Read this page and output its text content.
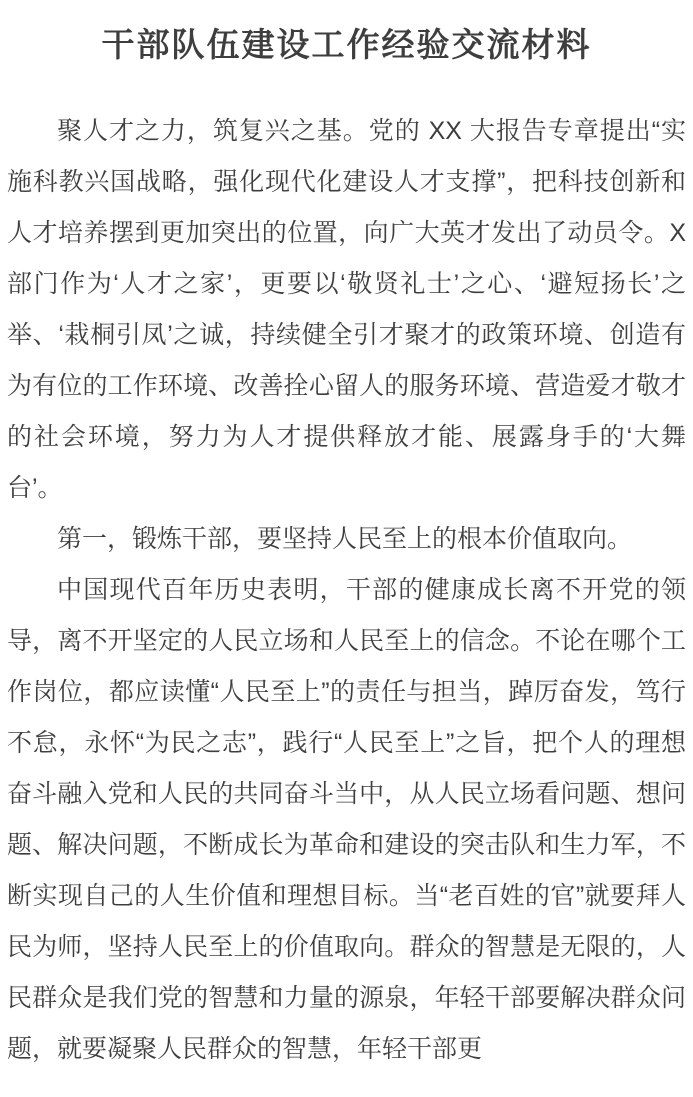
干部队伍建设工作经验交流材料

聚人才之力，筑复兴之基。党的 XX 大报告专章提出“实施科教兴国战略，强化现代化建设人才支撑”，把科技创新和人才培养摆到更加突出的位置，向广大英才发出了动员令。X部门作为‘人才之家’，更要以‘敬贤礼士’之心、‘避短扬长’之举、‘栽桐引凤’之诚，持续健全引才聚才的政策环境、创造有为有位的工作环境、改善拴心留人的服务环境、营造爱才敬才的社会环境，努力为人才提供释放才能、展露身手的‘大舞台’。

第一，锻炼干部，要坚持人民至上的根本价值取向。

中国现代百年历史表明，干部的健康成长离不开党的领导，离不开坚定的人民立场和人民至上的信念。不论在哪个工作岗位，都应读懂“人民至上”的责任与担当，踔厉奋发，笃行不怠，永怀“为民之志”，践行“人民至上”之旨，把个人的理想奋斗融入党和人民的共同奋斗当中，从人民立场看问题、想问题、解决问题，不断成长为革命和建设的突击队和生力军，不断实现自己的人生价值和理想目标。当“老百姓的官”就要拜人民为师，坚持人民至上的价值取向。群众的智慧是无限的，人民群众是我们党的智慧和力量的源泉，年轻干部要解决群众问题，就要凝聚人民群众的智慧，年轻干部更
